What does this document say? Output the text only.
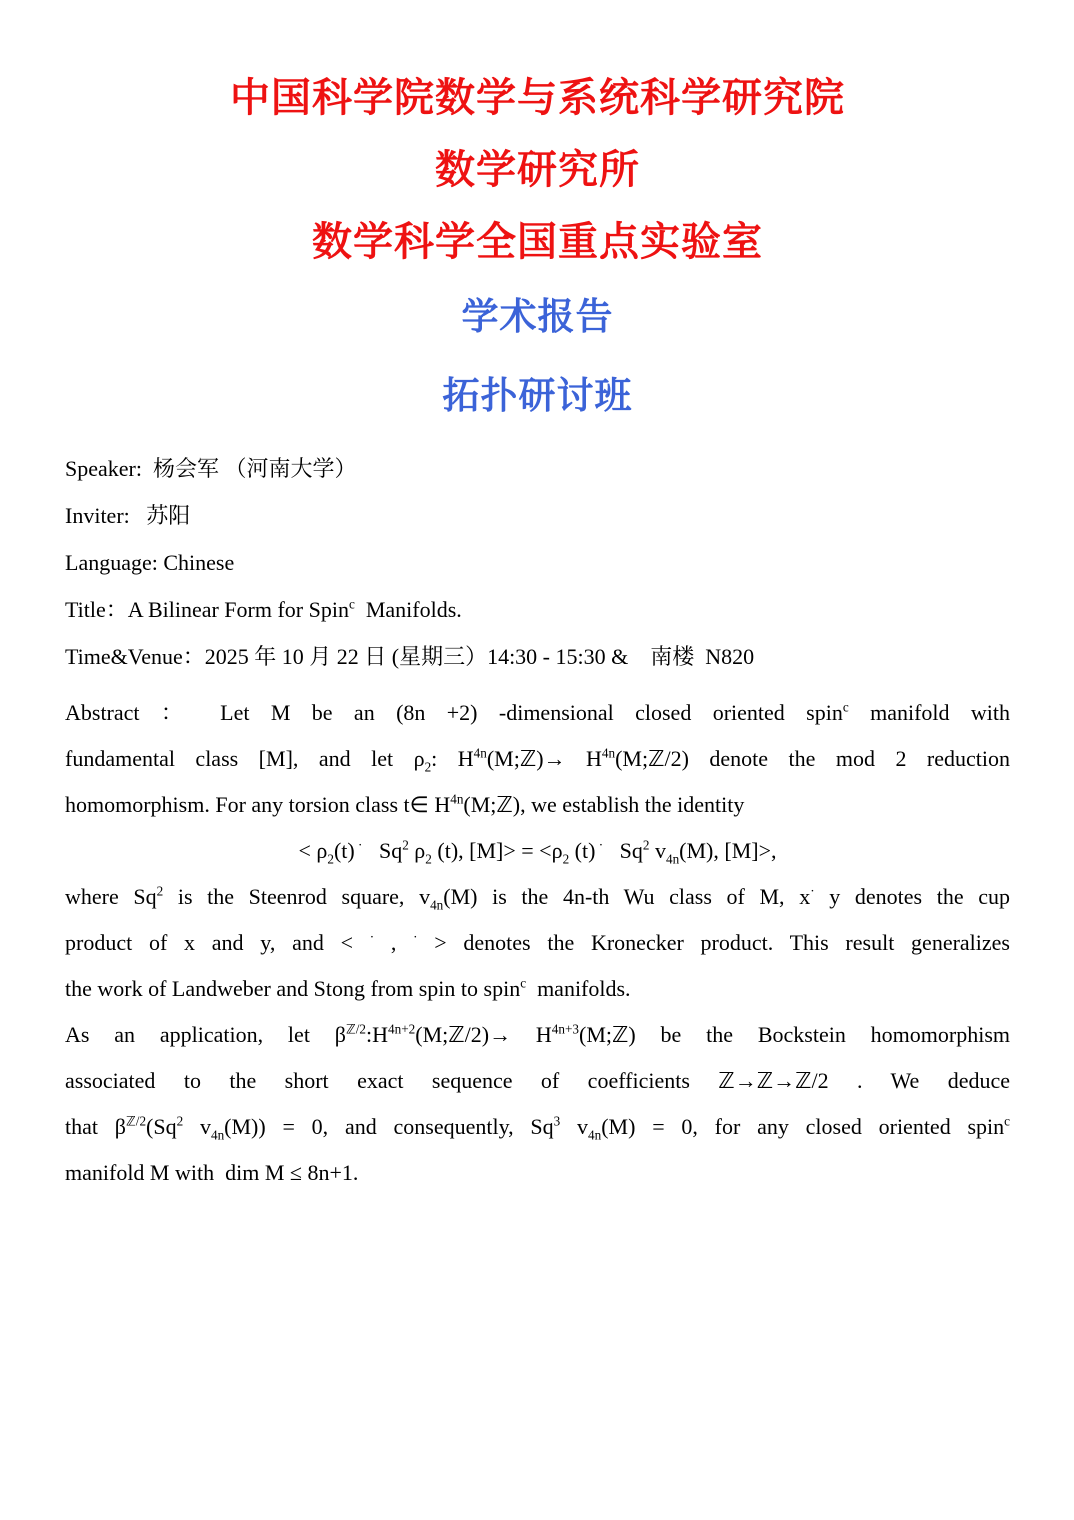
中国科学院数学与系统科学研究院
数学研究所
数学科学全国重点实验室
学术报告
拓扑研讨班
Speaker:  杨会军 （河南大学）
Inviter:   苏阳
Language: Chinese
Title：A Bilinear Form for Spin$^c$  Manifolds.
Time&Venue：2025 年 10 月 22 日 (星期三）14:30 - 15:30 &　南楼  N820
Abstract ： Let M be an (8n +2) -dimensional closed oriented spin$^c$ manifold with
fundamental class [M], and let $\rho_2$: $H^{4n}(M;ℤ)\to$ $H^{4n}(M;ℤ/2)$ denote the mod 2 reduction
homomorphism. For any torsion class t∈ $H^{4n}(M;ℤ)$, we establish the identity
< $\rho_2(t)$ ·   Sq$^2$ $\rho_2$ (t), $[M]> = <\rho_2$ (t) ·   Sq$^2$ $v_{4n}(M)$, [M]>,
where Sq$^2$ is the Steenrod square, $v_{4n}(M)$ is the 4n-th Wu class of M, x· y denotes the cup
product of x and y, and < · , · > denotes the Kronecker product. This result generalizes
the work of Landweber and Stong from spin to spin$^c$  manifolds.
As an application, let $\beta^{ℤ/2}:H^{4n+2}(M;ℤ/2)\to$ $H^{4n+3}(M;ℤ)$ be the Bockstein homomorphism
associated to the short exact sequence of coefficients ℤ→ℤ→ℤ/2 . We deduce
that $\beta^{ℤ/2}(Sq^2$ $v_{4n}(M)) = 0$, and consequently, Sq$^3$ $v_{4n}(M) = 0$, for any closed oriented spin$^c$
manifold M with  dim M ≤ 8n+1.
